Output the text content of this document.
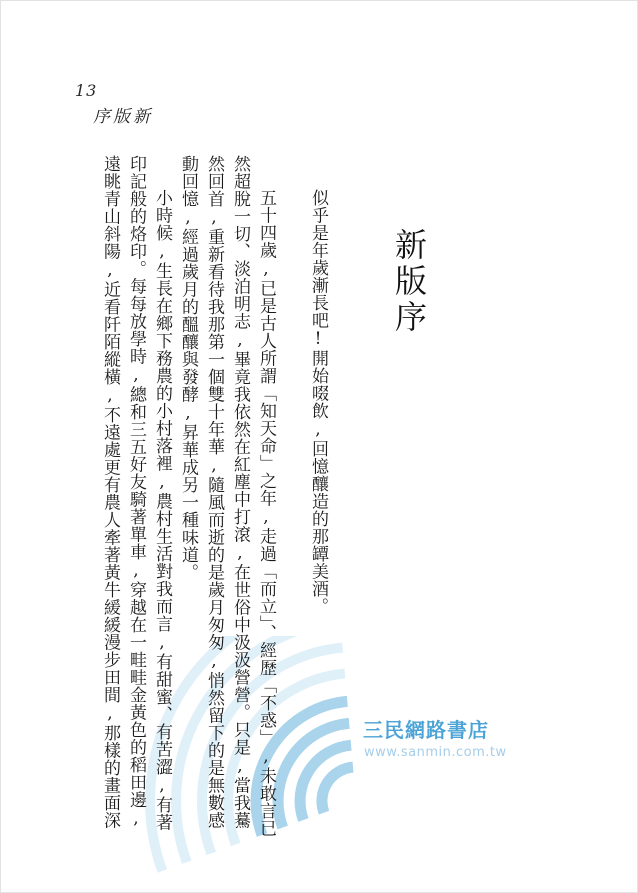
13
序版新
新版序

似乎是年歲漸長吧!開始啜飲,回憶釀造的那罈美酒。

五十四歲,已是古人所謂「知天命」之年,走過「而立」、經歷「不惑」,未敢言已然超脫一切、淡泊明志,畢竟我依然在紅塵中打滾,在世俗中汲汲營營。只是,當我驀然回首,重新看待我那第一個雙十年華,隨風而逝的是歲月匆匆,悄然留下的是無數感動回憶,經過歲月的醞釀與發酵,昇華成另一種味道。

小時候,生長在鄉下務農的小村落裡,農村生活對我而言,有甜蜜、有苦澀,有著印記般的烙印。每每放學時,總和三五好友騎著單車,穿越在一畦畦金黃色的稻田邊,遠眺青山斜陽,近看阡陌縱橫,不遠處更有農人牽著黃牛緩緩漫步田間,那樣的畫面深	三民網路書店
www.sanmin.com.tw
